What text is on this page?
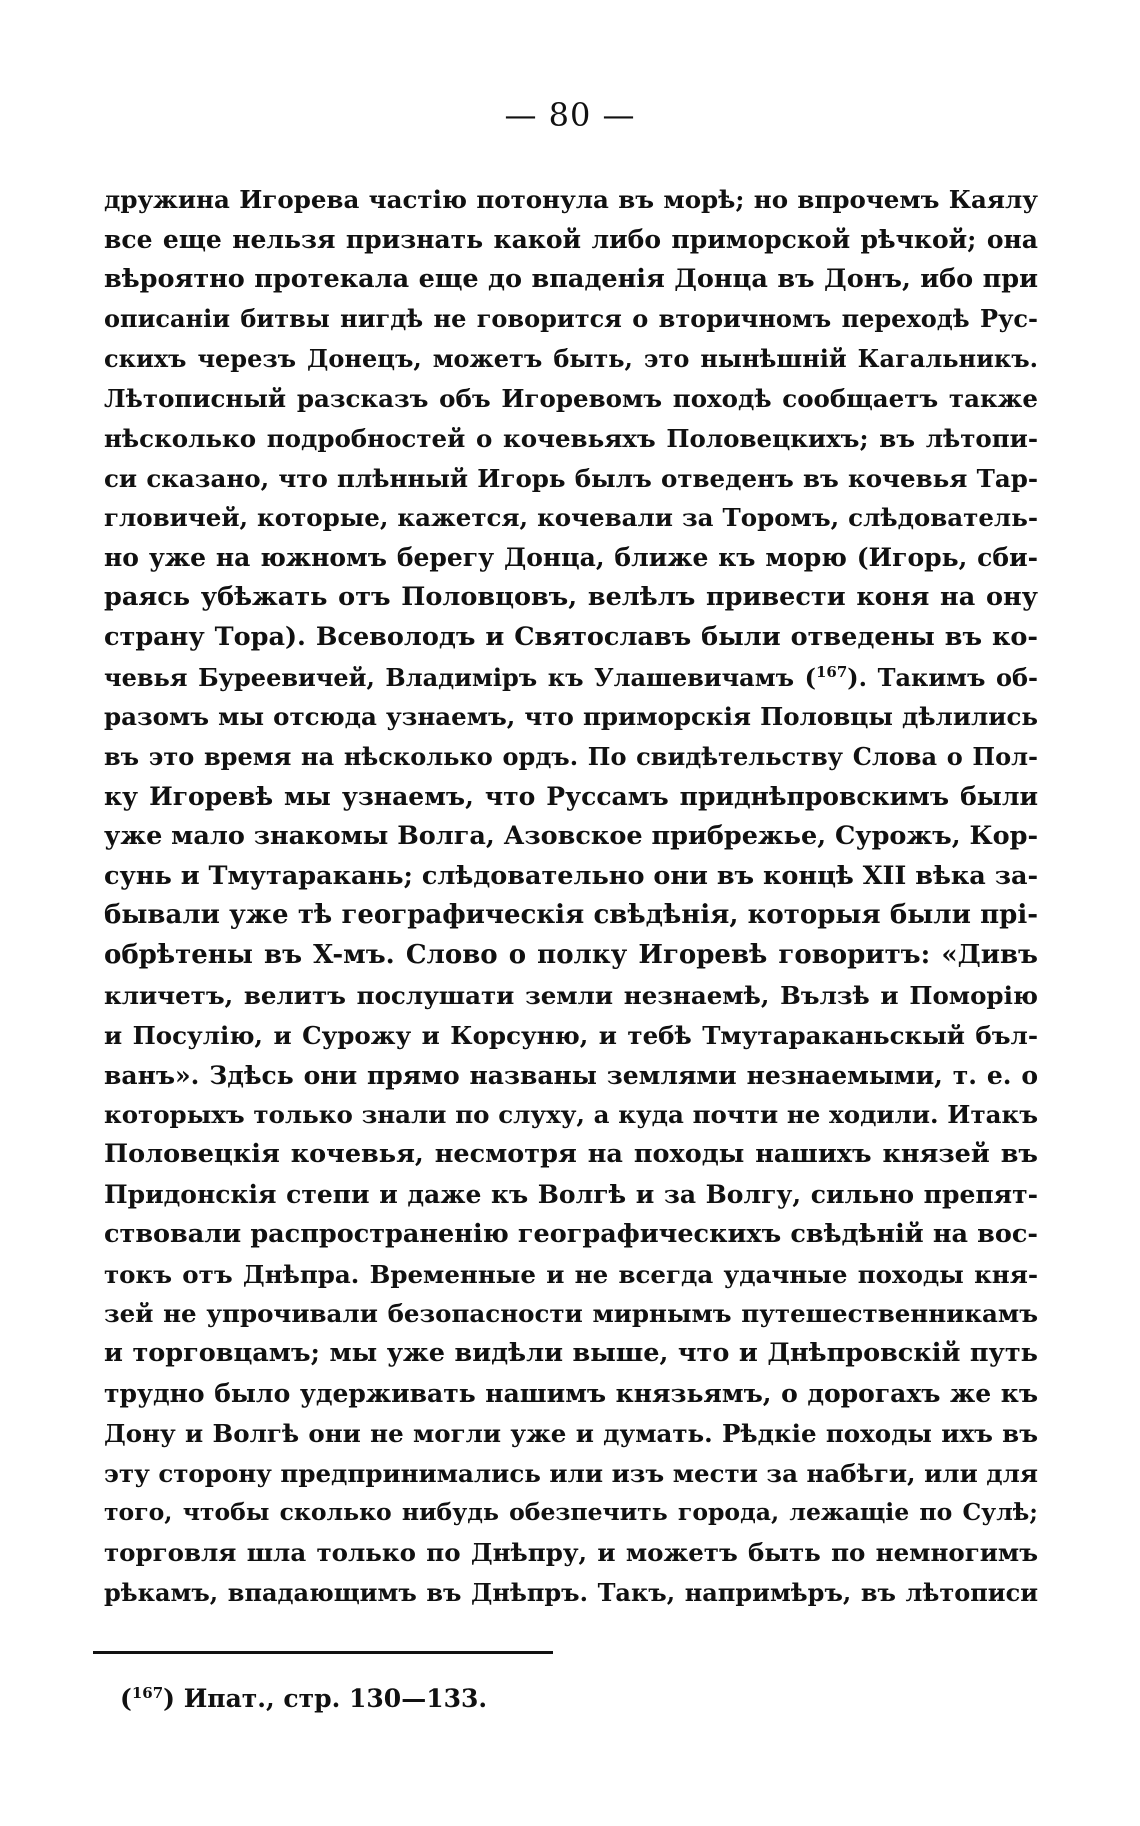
— 80 —
дружина Игорева частію потонула въ морѣ; но впрочемъ Каялу
все еще нельзя признать какой либо приморской рѣчкой; она
вѣроятно протекала еще до впаденія Донца въ Донъ, ибо при
описаніи битвы нигдѣ не говорится о вторичномъ переходѣ Рус-
скихъ черезъ Донецъ, можетъ быть, это нынѣшній Кагальникъ.
Лѣтописный разсказъ объ Игоревомъ походѣ сообщаетъ также
нѣсколько подробностей о кочевьяхъ Половецкихъ; въ лѣтопи-
си сказано, что плѣнный Игорь былъ отведенъ въ кочевья Тар-
гловичей, которые, кажется, кочевали за Торомъ, слѣдователь-
но уже на южномъ берегу Донца, ближе къ морю (Игорь, сби-
раясь убѣжать отъ Половцовъ, велѣлъ привести коня на ону
страну Тора). Всеволодъ и Святославъ были отведены въ ко-
чевья Буреевичей, Владиміръ къ Улашевичамъ ($^{167}$). Такимъ об-
разомъ мы отсюда узнаемъ, что приморскія Половцы дѣлились
въ это время на нѣсколько ордъ. По свидѣтельству Слова о Пол-
ку Игоревѣ мы узнаемъ, что Руссамъ приднѣпровскимъ были
уже мало знакомы Волга, Азовское прибрежье, Сурожъ, Кор-
сунь и Тмутаракань; слѣдовательно они въ концѣ XII вѣка за-
бывали уже тѣ географическія свѣдѣнія, которыя были прі-
обрѣтены въ X-мъ. Слово о полку Игоревѣ говоритъ: «Дивъ
кличетъ, велитъ послушати земли незнаемѣ, Вълзѣ и Поморію
и Посулію, и Сурожу и Корсуню, и тебѣ Тмутараканьскый бъл-
ванъ». Здѣсь они прямо названы землями незнаемыми, т. е. о
которыхъ только знали по слуху, а куда почти не ходили. Итакъ
Половецкія кочевья, несмотря на походы нашихъ князей въ
Придонскія степи и даже къ Волгѣ и за Волгу, сильно препят-
ствовали распространенію географическихъ свѣдѣній на вос-
токъ отъ Днѣпра. Временные и не всегда удачные походы кня-
зей не упрочивали безопасности мирнымъ путешественникамъ
и торговцамъ; мы уже видѣли выше, что и Днѣпровскій путь
трудно было удерживать нашимъ князьямъ, о дорогахъ же къ
Дону и Волгѣ они не могли уже и думать. Рѣдкіе походы ихъ въ
эту сторону предпринимались или изъ мести за набѣги, или для
того, чтобы сколько нибудь обезпечить города, лежащіе по Сулѣ;
торговля шла только по Днѣпру, и можетъ быть по немногимъ
рѣкамъ, впадающимъ въ Днѣпръ. Такъ, напримѣръ, въ лѣтописи
($^{167}$) Ипат., стр. 130—133.
